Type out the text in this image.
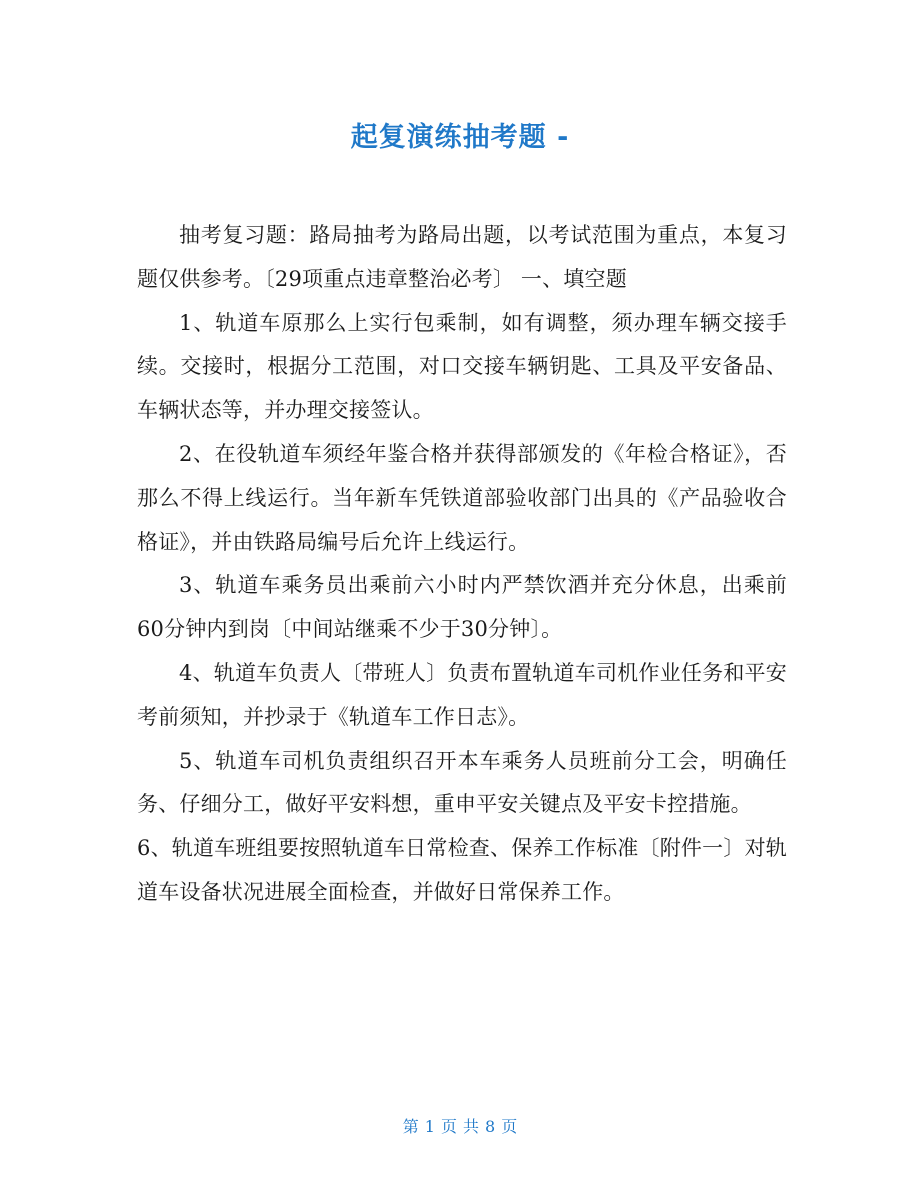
起复演练抽考题 -

抽考复习题：路局抽考为路局出题，以考试范围为重点，本复习题仅供参考。〔29项重点违章整治必考〕 一、填空题

1、轨道车原那么上实行包乘制，如有调整，须办理车辆交接手续。交接时，根据分工范围，对口交接车辆钥匙、工具及平安备品、车辆状态等，并办理交接签认。

2、在役轨道车须经年鉴合格并获得部颁发的《年检合格证》，否那么不得上线运行。当年新车凭铁道部验收部门出具的《产品验收合格证》，并由铁路局编号后允许上线运行。

3、轨道车乘务员出乘前六小时内严禁饮酒并充分休息，出乘前60分钟内到岗〔中间站继乘不少于30分钟〕。

4、轨道车负责人〔带班人〕负责布置轨道车司机作业任务和平安考前须知，并抄录于《轨道车工作日志》。

5、轨道车司机负责组织召开本车乘务人员班前分工会，明确任务、仔细分工，做好平安料想，重申平安关键点及平安卡控措施。

6、轨道车班组要按照轨道车日常检查、保养工作标准〔附件一〕对轨道车设备状况进展全面检查，并做好日常保养工作。

第 1 页 共 8 页
